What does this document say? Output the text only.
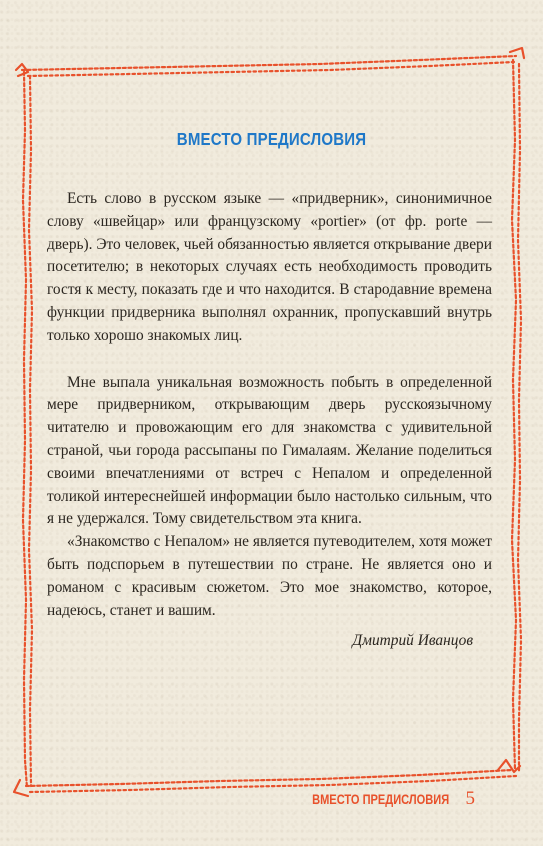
ВМЕСТО ПРЕДИСЛОВИЯ

Есть слово в русском языке — «придверник», синонимичное слову «швейцар» или французскому «portier» (от фр. porte — дверь). Это человек, чьей обязанностью является открывание двери посетителю; в некоторых случаях есть необходимость проводить гостя к месту, показать где и что находится. В стародавние времена функции придверника выполнял охранник, пропускавший внутрь только хорошо знакомых лиц.

Мне выпала уникальная возможность побыть в определенной мере придверником, открывающим дверь русскоязычному читателю и провожающим его для знакомства с удивительной страной, чьи города рассыпаны по Гималаям. Желание поделиться своими впечатлениями от встреч с Непалом и определенной толикой интереснейшей информации было настолько сильным, что я не удержался. Тому свидетельством эта книга.

«Знакомство с Непалом» не является путеводителем, хотя может быть подспорьем в путешествии по стране. Не является оно и романом с красивым сюжетом. Это мое знакомство, которое, надеюсь, станет и вашим.

Дмитрий Иванцов
ВМЕСТО ПРЕДИСЛОВИЯ 5
